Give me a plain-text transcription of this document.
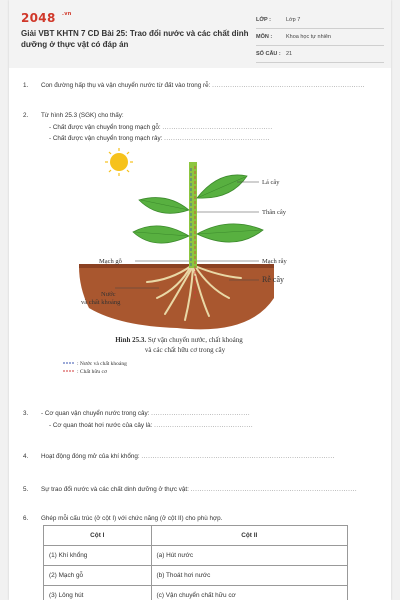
2048 .vn
Giải VBT KHTN 7 CD Bài 25: Trao đổi nước và các chất dinh dưỡng ở thực vật có đáp án
LỚP :	Lớp 7
MÔN :	Khoa học tự nhiên
SỐ CÂU : 21
1. Con đường hấp thụ và vận chuyển nước từ đất vào trong rễ: ....................................................................
2. Từ hình 25.3 (SGK) cho thấy:
- Chất được vận chuyển trong mạch gỗ: .................................................
- Chất được vận chuyển trong mạch rây: ...............................................
Lá cây
Thân cây
Mạch gỗ	Mạch rây
Rễ cây
Nước
và chất khoáng
Hình 25.3. Sự vận chuyển nước, chất khoáng
và các chất hữu cơ trong cây
: Nước và chất khoáng
: Chất hữu cơ
3. - Cơ quan vận chuyển nước trong cây: ............................................
- Cơ quan thoát hơi nước của cây là: ............................................
4. Hoạt động đóng mở của khí khổng: ......................................................................................
5. Sự trao đổi nước và các chất dinh dưỡng ở thực vật: ..........................................................................
6. Ghép mỗi cấu trúc (ở cột I) với chức năng (ở cột II) cho phù hợp.
Cột I	Cột II
(1) Khí khổng	(a) Hút nước
(2) Mạch gỗ	(b) Thoát hơi nước
(3) Lông hút	(c) Vận chuyển chất hữu cơ
